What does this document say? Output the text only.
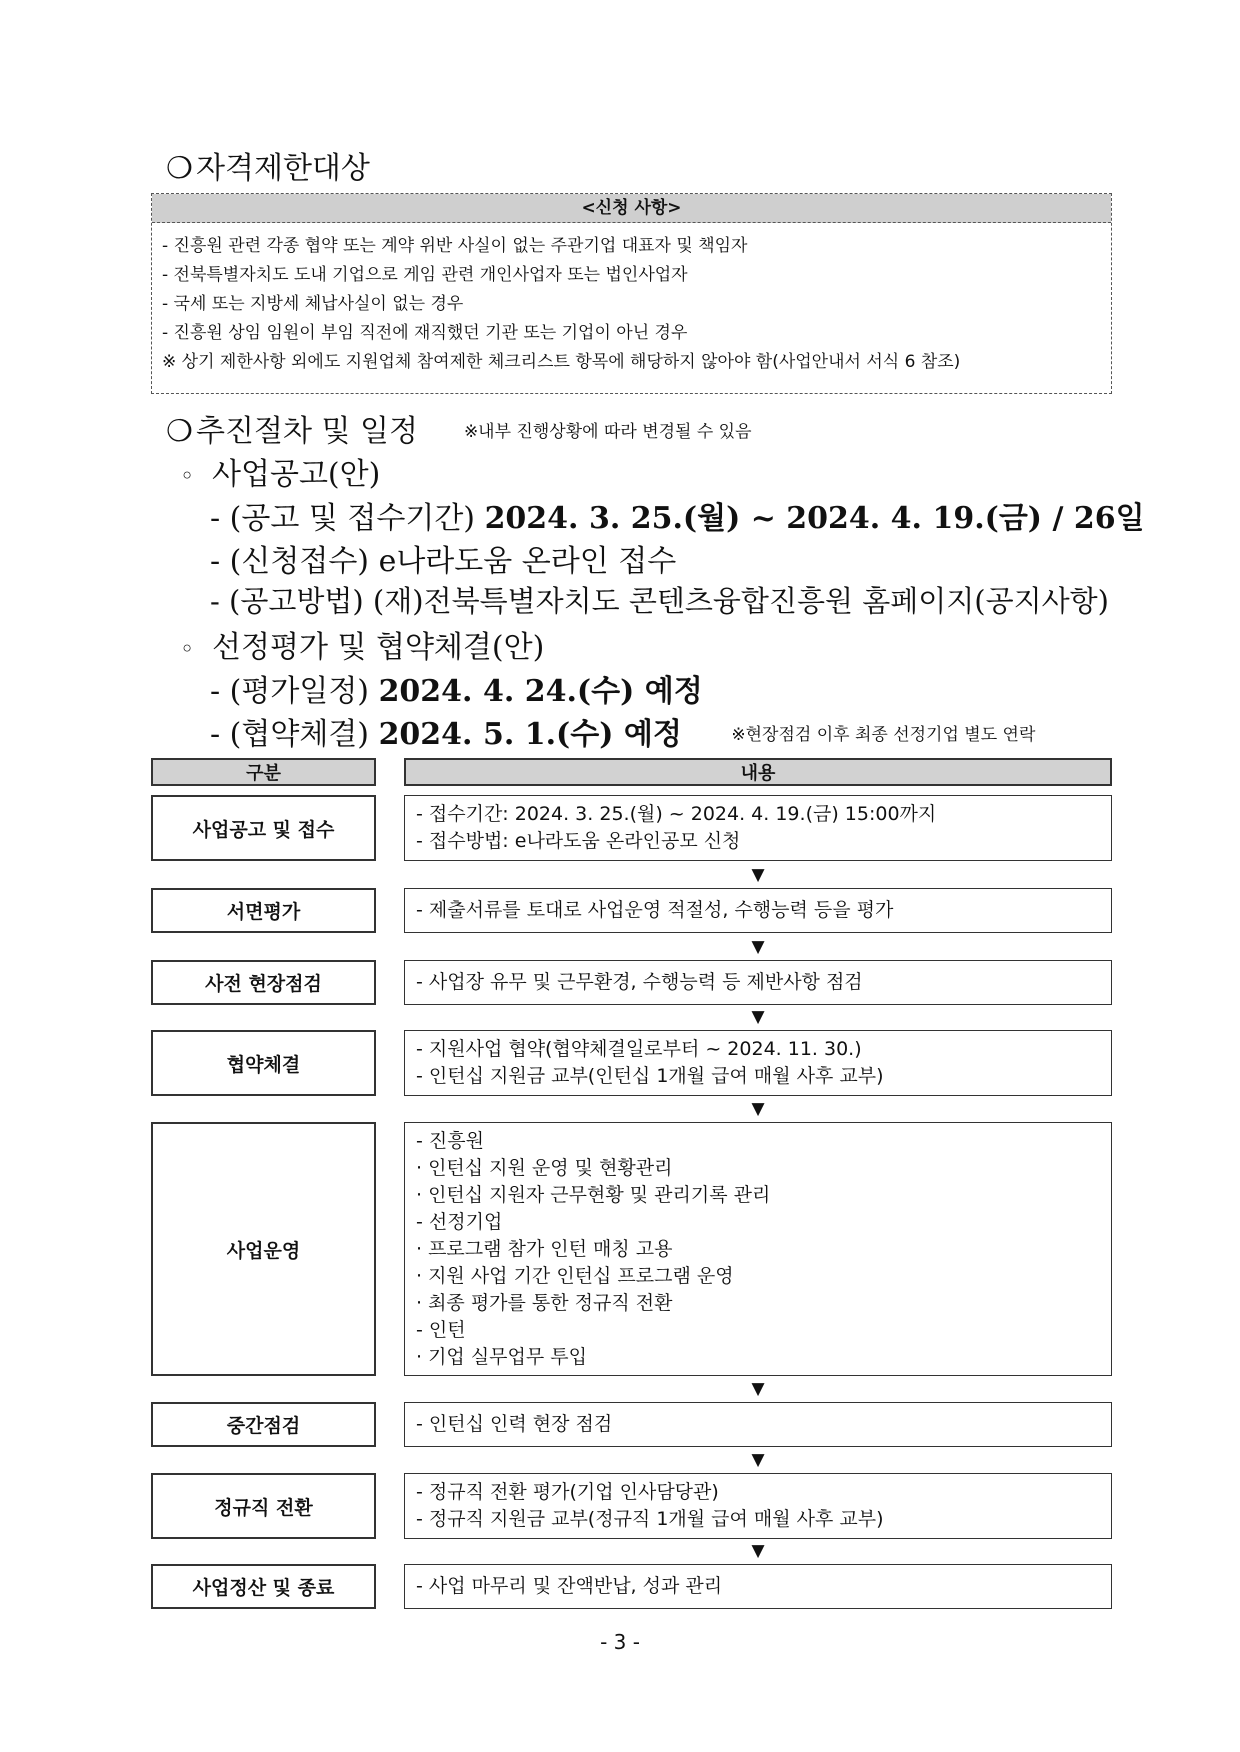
❍ 자격제한대상
<신청 사항>
- 진흥원 관련 각종 협약 또는 계약 위반 사실이 없는 주관기업 대표자 및 책임자
- 전북특별자치도 도내 기업으로 게임 관련 개인사업자 또는 법인사업자
- 국세 또는 지방세 체납사실이 없는 경우
- 진흥원 상임 임원이 부임 직전에 재직했던 기관 또는 기업이 아닌 경우
※ 상기 제한사항 외에도 지원업체 참여제한 체크리스트 항목에 해당하지 않아야 함(사업안내서 서식 6 참조)
❍ 추진절차 및 일정	※내부 진행상황에 따라 변경될 수 있음
◦ 사업공고(안)
- (공고 및 접수기간) 2024. 3. 25.(월) ~ 2024. 4. 19.(금) / 26일
- (신청접수) e나라도움 온라인 접수
- (공고방법) (재)전북특별자치도 콘텐츠융합진흥원 홈페이지(공지사항)
◦ 선정평가 및 협약체결(안)
- (평가일정) 2024. 4. 24.(수) 예정
- (협약체결) 2024. 5. 1.(수) 예정	※현장점검 이후 최종 선정기업 별도 연락
구분	내용
사업공고 및 접수
- 접수기간: 2024. 3. 25.(월) ~ 2024. 4. 19.(금) 15:00까지
- 접수방법: e나라도움 온라인공모 신청
▼
서면평가	- 제출서류를 토대로 사업운영 적절성, 수행능력 등을 평가
▼
사전 현장점검	- 사업장 유무 및 근무환경, 수행능력 등 제반사항 점검
▼
협약체결
- 지원사업 협약(협약체결일로부터 ~ 2024. 11. 30.)
- 인턴십 지원금 교부(인턴십 1개월 급여 매월 사후 교부)
▼
사업운영
- 진흥원
· 인턴십 지원 운영 및 현황관리
· 인턴십 지원자 근무현황 및 관리기록 관리
- 선정기업
· 프로그램 참가 인턴 매칭 고용
· 지원 사업 기간 인턴십 프로그램 운영
· 최종 평가를 통한 정규직 전환
- 인턴
· 기업 실무업무 투입
▼
중간점검	- 인턴십 인력 현장 점검
▼
정규직 전환
- 정규직 전환 평가(기업 인사담당관)
- 정규직 지원금 교부(정규직 1개월 급여 매월 사후 교부)
▼
사업정산 및 종료	- 사업 마무리 및 잔액반납, 성과 관리
- 3 -
